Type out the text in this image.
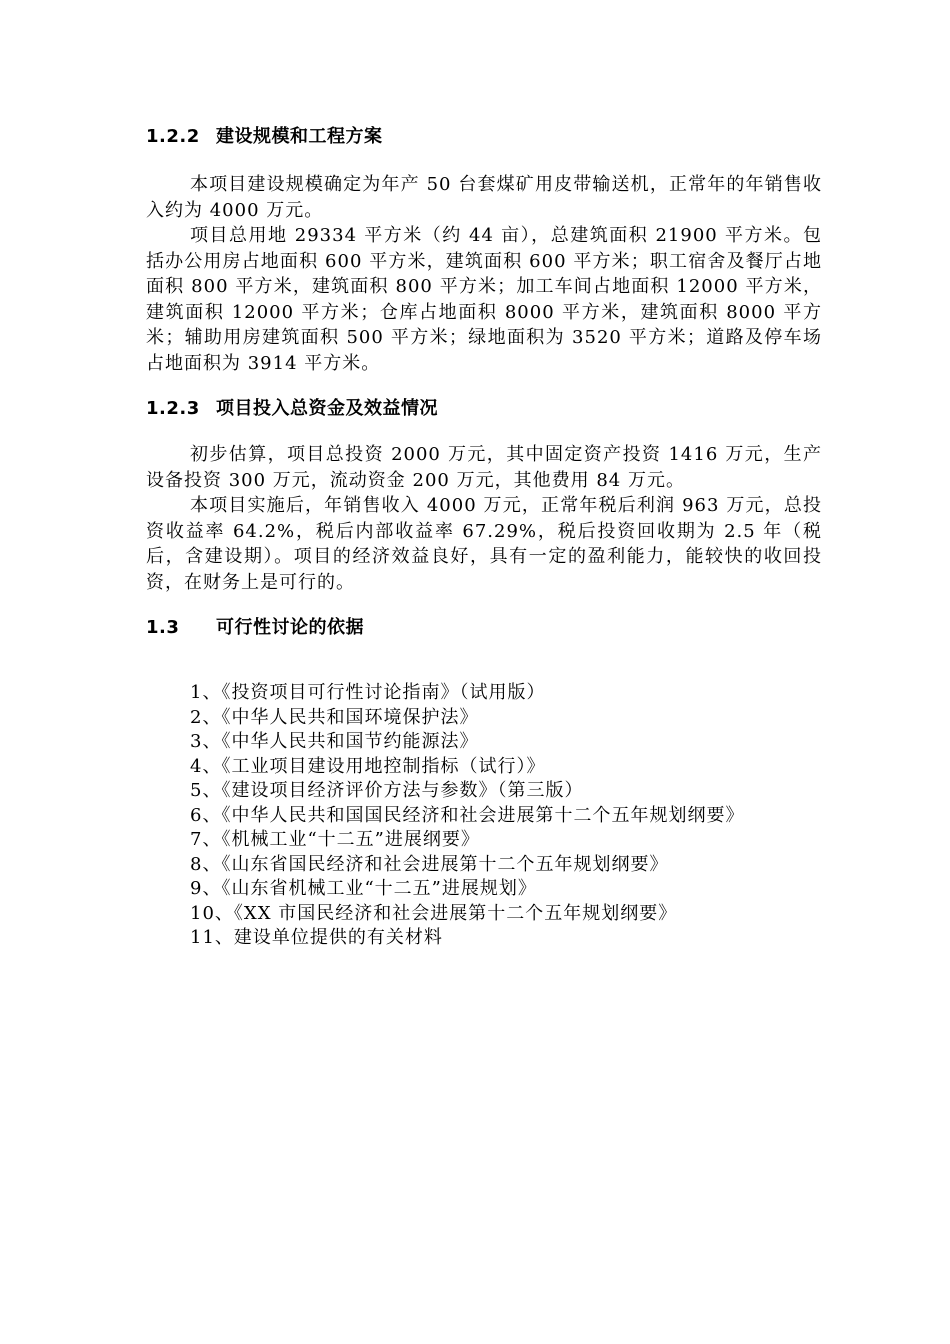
1.2.2 建设规模和工程方案

本项目建设规模确定为年产 50 台套煤矿用皮带输送机，正常年的年销售收入约为 4000 万元。

项目总用地 29334 平方米（约 44 亩），总建筑面积 21900 平方米。包括办公用房占地面积 600 平方米，建筑面积 600 平方米；职工宿舍及餐厅占地面积 800 平方米，建筑面积 800 平方米；加工车间占地面积 12000 平方米，建筑面积 12000 平方米；仓库占地面积 8000 平方米，建筑面积 8000 平方米；辅助用房建筑面积 500 平方米；绿地面积为 3520 平方米；道路及停车场占地面积为 3914 平方米。

1.2.3 项目投入总资金及效益情况

初步估算，项目总投资 2000 万元，其中固定资产投资 1416 万元，生产设备投资 300 万元，流动资金 200 万元，其他费用 84 万元。

本项目实施后，年销售收入 4000 万元，正常年税后利润 963 万元，总投资收益率 64.2%，税后内部收益率 67.29%，税后投资回收期为 2.5 年（税后，含建设期）。项目的经济效益良好，具有一定的盈利能力，能较快的收回投资，在财务上是可行的。

1.3 可行性讨论的依据
1、《投资项目可行性讨论指南》（试用版）
2、《中华人民共和国环境保护法》
3、《中华人民共和国节约能源法》
4、《工业项目建设用地控制指标（试行）》
5、《建设项目经济评价方法与参数》（第三版）
6、《中华人民共和国国民经济和社会进展第十二个五年规划纲要》
7、《机械工业“十二五”进展纲要》
8、《山东省国民经济和社会进展第十二个五年规划纲要》
9、《山东省机械工业“十二五”进展规划》
10、《XX 市国民经济和社会进展第十二个五年规划纲要》
11、建设单位提供的有关材料
